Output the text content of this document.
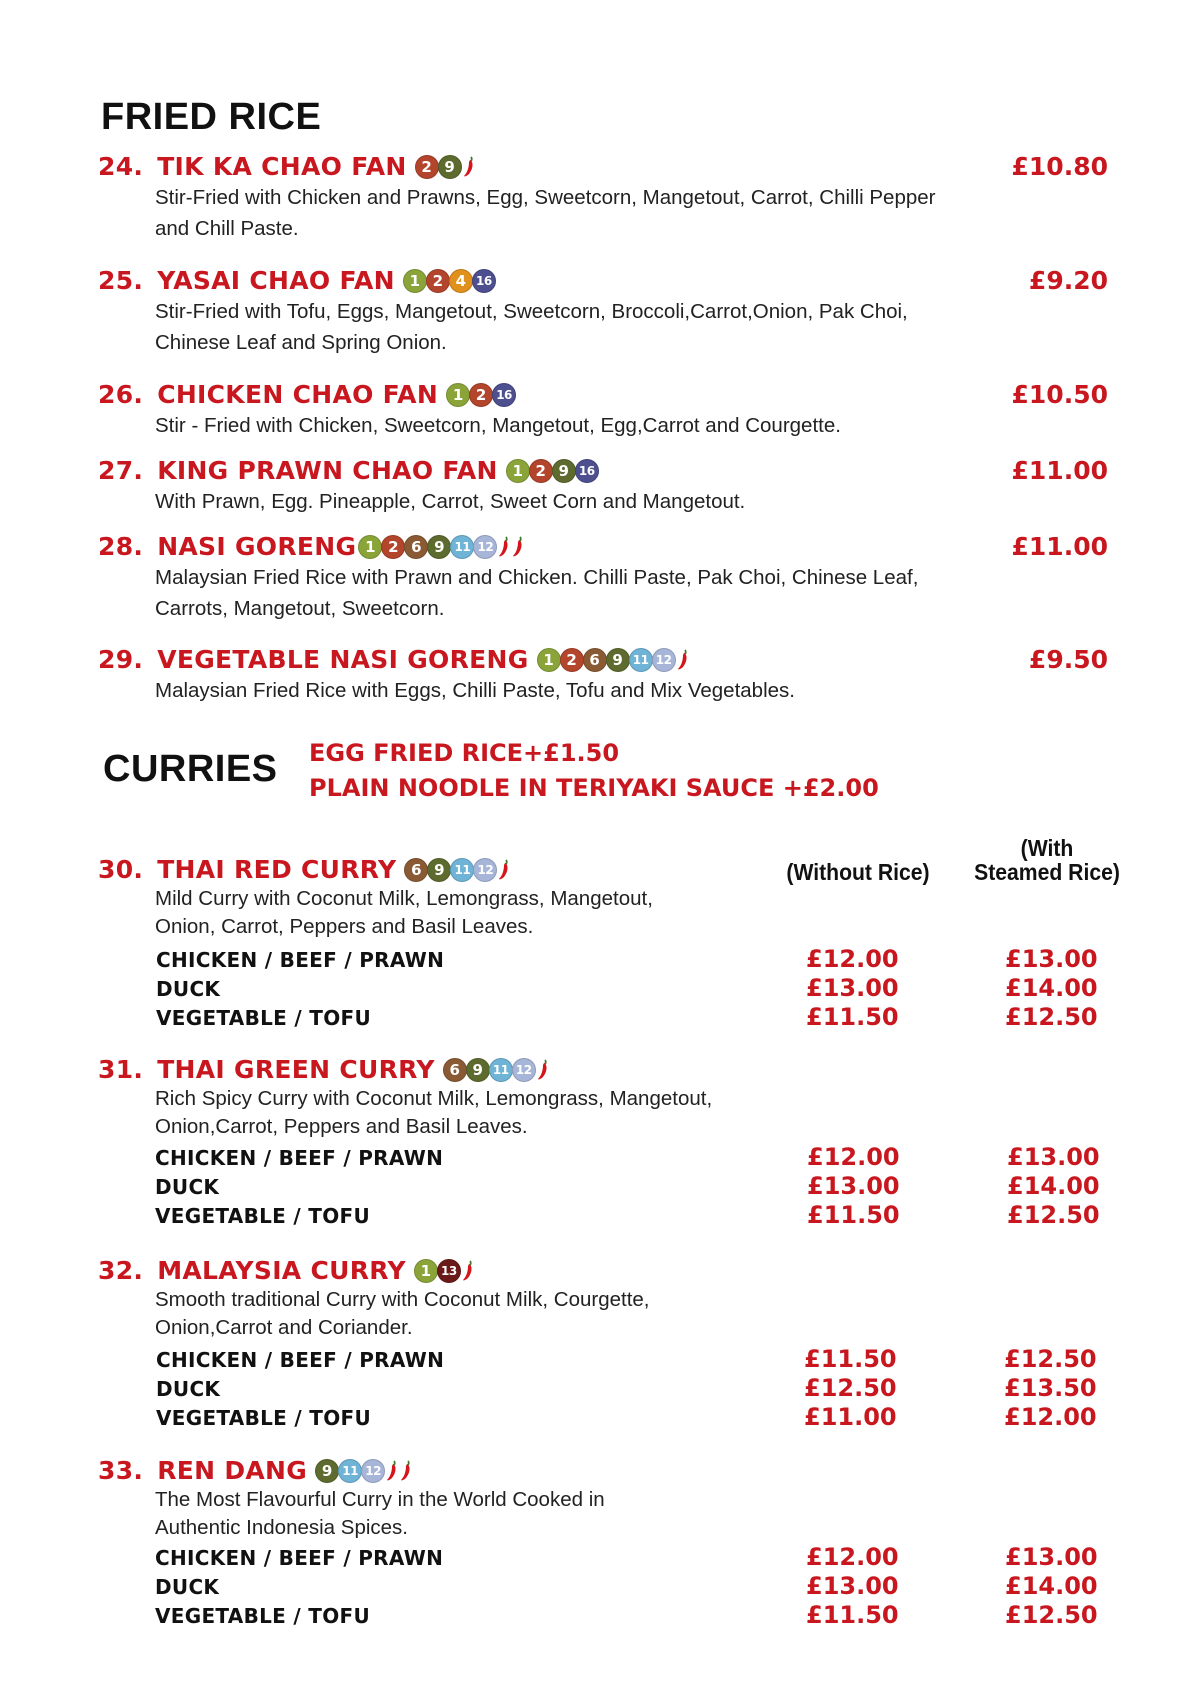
FRIED RICE
24. TIK KA CHAO FAN 2 9	£10.80
Stir-Fried with Chicken and Prawns, Egg, Sweetcorn, Mangetout, Carrot, Chilli Pepper
and Chill Paste.
25. YASAI CHAO FAN 1 2 4 16	£9.20
Stir-Fried with Tofu, Eggs, Mangetout, Sweetcorn, Broccoli,Carrot,Onion, Pak Choi,
Chinese Leaf and Spring Onion.
26. CHICKEN CHAO FAN 1 2 16	£10.50
Stir - Fried with Chicken, Sweetcorn, Mangetout, Egg,Carrot and Courgette.
27. KING PRAWN CHAO FAN 1 2 9 16	£11.00
With Prawn, Egg. Pineapple, Carrot, Sweet Corn and Mangetout.
28. NASI GORENG 1 2 6 9 11 12	£11.00
Malaysian Fried Rice with Prawn and Chicken. Chilli Paste, Pak Choi, Chinese Leaf,
Carrots, Mangetout, Sweetcorn.
29. VEGETABLE NASI GORENG 1 2 6 9 11 12	£9.50
Malaysian Fried Rice with Eggs, Chilli Paste, Tofu and Mix Vegetables.
CURRIES EGG FRIED RICE+£1.50
PLAIN NOODLE IN TERIYAKI SAUCE +£2.00
(Without Rice)
(With
Steamed Rice)
30. THAI RED CURRY 6 9 11 12
Mild Curry with Coconut Milk, Lemongrass, Mangetout,
Onion, Carrot, Peppers and Basil Leaves.
CHICKEN / BEEF / PRAWN	£12.00	£13.00
DUCK	£13.00	£14.00
VEGETABLE / TOFU	£11.50	£12.50
31. THAI GREEN CURRY 6 9 11 12
Rich Spicy Curry with Coconut Milk, Lemongrass, Mangetout,
Onion,Carrot, Peppers and Basil Leaves.
CHICKEN / BEEF / PRAWN	£12.00	£13.00
DUCK	£13.00	£14.00
VEGETABLE / TOFU	£11.50	£12.50
32. MALAYSIA CURRY 1 13
Smooth traditional Curry with Coconut Milk, Courgette,
Onion,Carrot and Coriander.
CHICKEN / BEEF / PRAWN	£11.50	£12.50
DUCK	£12.50	£13.50
VEGETABLE / TOFU	£11.00	£12.00
33. REN DANG 9 11 12
The Most Flavourful Curry in the World Cooked in
Authentic Indonesia Spices.
CHICKEN / BEEF / PRAWN	£12.00	£13.00
DUCK	£13.00	£14.00
VEGETABLE / TOFU	£11.50	£12.50
